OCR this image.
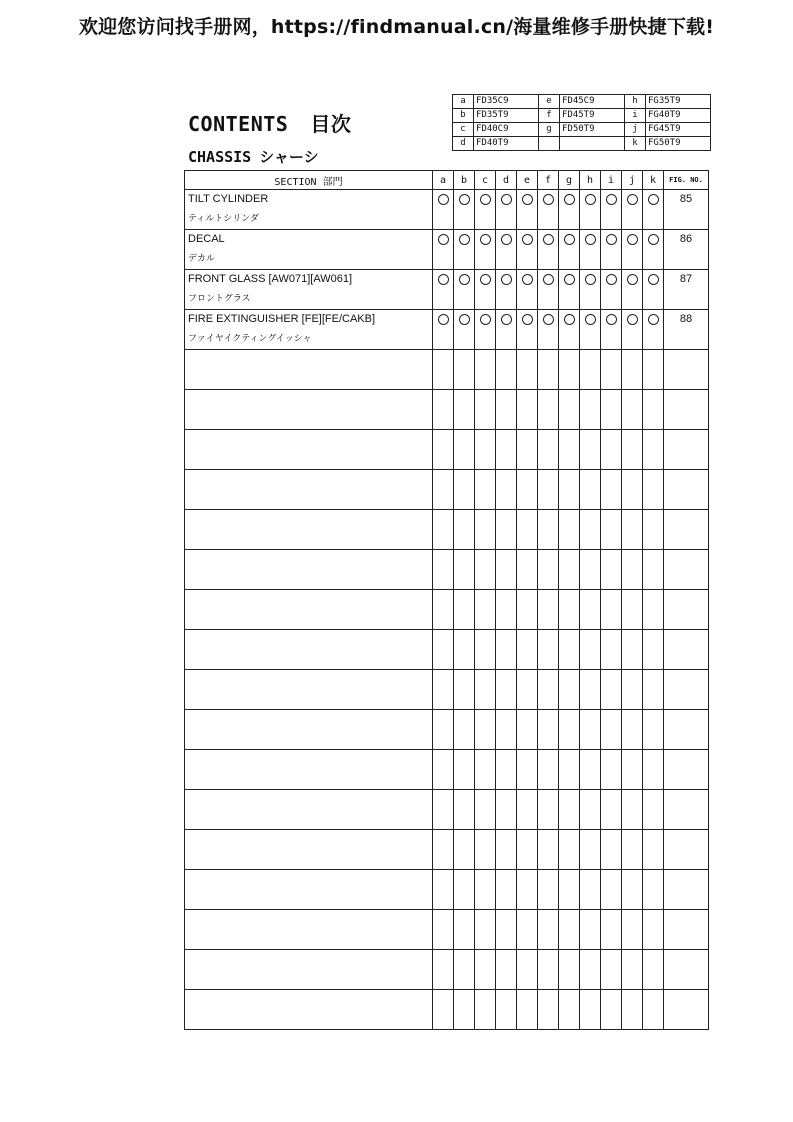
欢迎您访问找手册网，https://findmanual.cn/海量维修手册快捷下载!
CONTENTS 目次
CHASSIS シャーシ
a	FD35C9	e	FD45C9	h	FG35T9
b	FD35T9	f	FD45T9	i	FG40T9
c	FD40C9	g	FD50T9	j	FG45T9
d	FD40T9			k	FG50T9
SECTION 部門	a	b	c	d	e	f	g	h	i	j	k	FIG. NO.

TILT CYLINDER
ティルトシリンダ												85

DECAL
デカル												86

FRONT GLASS [AW071][AW061]
フロントグラス												87

FIRE EXTINGUISHER [FE][FE/CAKB]
ファイヤイクティングイッシャ												88
